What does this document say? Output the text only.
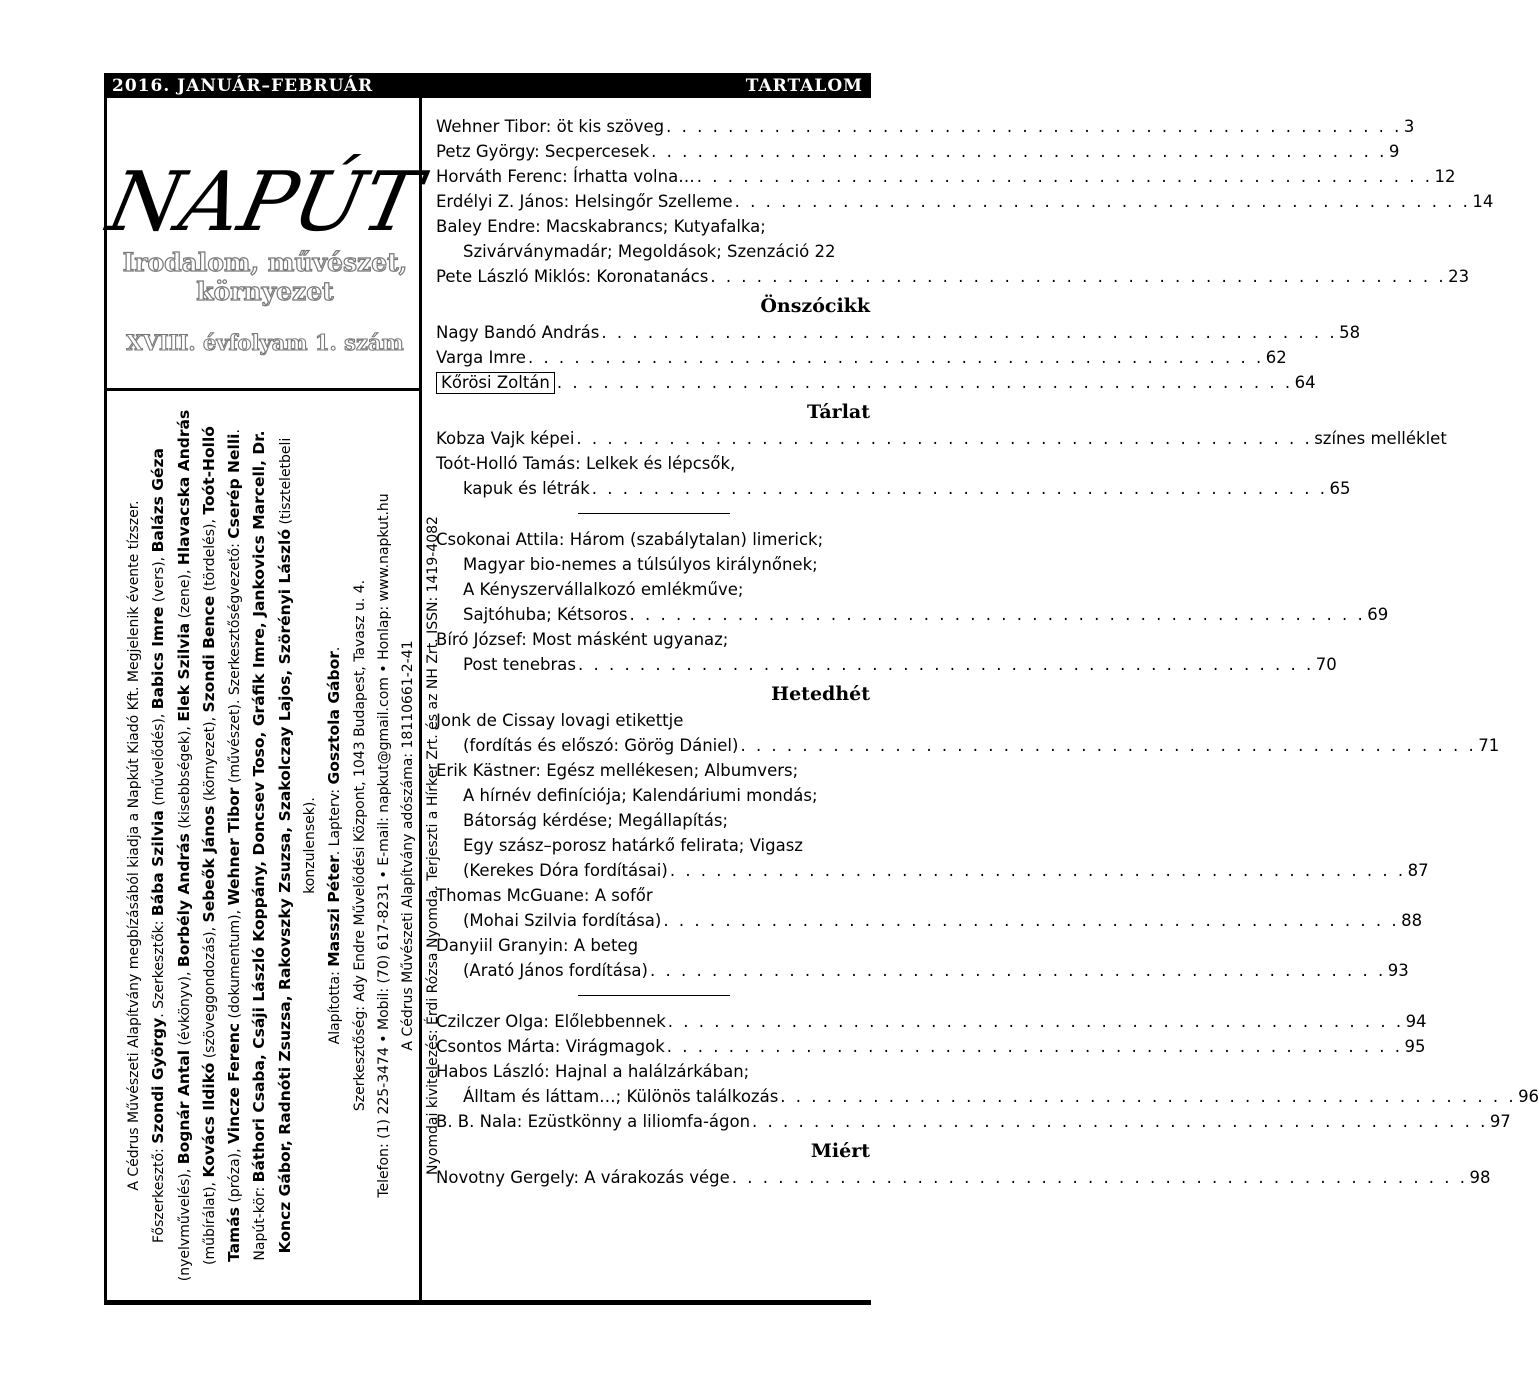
2016. JANUÁR–FEBRUÁR	TARTALOM
NAPÚT
Irodalom, művészet,
környezet
XVIII. évfolyam 1. szám

A Cédrus Művészeti Alapítvány megbízásából kiadja a Napkút Kiadó Kft. Megjelenik évente tízszer.

Főszerkesztő: Szondi György. Szerkesztők: Bába Szilvia (művelődés), Babics Imre (vers), Balázs Géza (nyelvművelés), Bognár Antal (évkönyv), Borbély András (kisebbségek), Elek Szilvia (zene), Hlavacska András (műbírálat), Kovács Ildikó (szöveggondozás), Sebeők János (környezet), Szondi Bence (tördelés), Toót-Holló Tamás (próza), Vincze Ferenc (dokumentum), Wehner Tibor (művészet). Szerkesztőségvezető: Cserép Nelli.

Napút-kör: Báthori Csaba, Csáji László Koppány, Doncsev Toso, Gráfik Imre, Jankovics Marcell, Dr. Koncz Gábor, Radnóti Zsuzsa, Rakovszky Zsuzsa, Szakolczay Lajos, Szörényi László (tiszteletbeli konzulensek).

Alapította: Masszi Péter. Lapterv: Gosztola Gábor. Szerkesztőség: Ady Endre Művelődési Központ, 1043 Budapest, Tavasz u. 4. Telefon: (1) 225-3474 • Mobil: (70) 617-8231 • E-mail: napkut@gmail.com • Honlap: www.napkut.hu A Cédrus Művészeti Alapítvány adószáma: 18110661-2-41 Nyomdai kivitelezés: Érdi Rózsa Nyomda. Terjeszti a Hírker Zrt. és az NH Zrt. ISSN: 1419-4082

Wehner Tibor: öt kis szöveg . . .	3
Petz György: Secpercesek . . .	9
Horváth Ferenc: Írhatta volna… . . .	12
Erdélyi Z. János: Helsingőr Szelleme . . .	14
Baley Endre: Macskabrancs; Kutyafalka;
Szivárványmadár; Megoldások; Szenzáció 22
Pete László Miklós: Koronatanács . . .	23
Önszócikk
Nagy Bandó András . . .	58
Varga Imre . . .	62
Kőrösi Zoltán . . .	64
Tárlat
Kobza Vajk képei . . .	színes melléklet
Toót-Holló Tamás: Lelkek és lépcsők,
kapuk és létrák . . .	65
Csokonai Attila: Három (szabálytalan) limerick;
Magyar bio-nemes a túlsúlyos királynőnek;
A Kényszervállalkozó emlékműve;
Sajtóhuba; Kétsoros . . .	69
Bíró József: Most másként ugyanaz;
Post tenebras . . .	70
Hetedhét
Jonk de Cissay lovagi etikettje
(fordítás és előszó: Görög Dániel) . . .	71
Erik Kästner: Egész mellékesen; Albumvers;
A hírnév definíciója; Kalendáriumi mondás;
Bátorság kérdése; Megállapítás;
Egy szász–porosz határkő felirata; Vigasz
(Kerekes Dóra fordításai) . . .	87
Thomas McGuane: A sofőr
(Mohai Szilvia fordítása) . . .	88
Danyiil Granyin: A beteg
(Arató János fordítása) . . .	93
Czilczer Olga: Előlebbennek . . .	94
Csontos Márta: Virágmagok . . .	95
Habos László: Hajnal a halálzárkában;
Álltam és láttam…; Különös találkozás . . .	96
B. B. Nala: Ezüstkönny a liliomfa-ágon . . .	97
Miért
Novotny Gergely: A várakozás vége . . .	98
